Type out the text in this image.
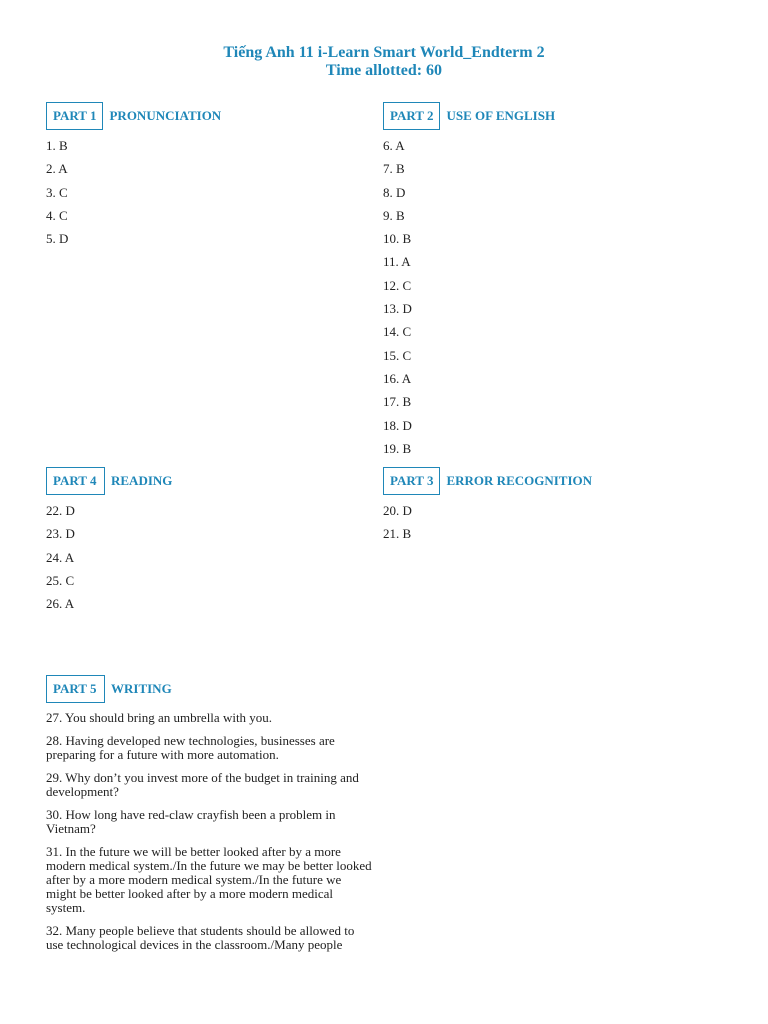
Tiếng Anh 11 i-Learn Smart World_Endterm 2
Time allotted: 60
PART 1	PRONUNCIATION
1. B
2. A
3. C
4. C
5. D
PART 2	USE OF ENGLISH
6. A
7. B
8. D
9. B
10. B
11. A
12. C
13. D
14. C
15. C
16. A
17. B
18. D
19. B
PART 4	READING
22. D
23. D
24. A
25. C
26. A
PART 3	ERROR RECOGNITION
20. D
21. B
PART 5	WRITING
27. You should bring an umbrella with you.
28. Having developed new technologies, businesses are preparing for a future with more automation.
29. Why don’t you invest more of the budget in training and development?
30. How long have red-claw crayfish been a problem in Vietnam?
31. In the future we will be better looked after by a more modern medical system./In the future we may be better looked after by a more modern medical system./In the future we might be better looked after by a more modern medical system.
32. Many people believe that students should be allowed to use technological devices in the classroom./Many people
